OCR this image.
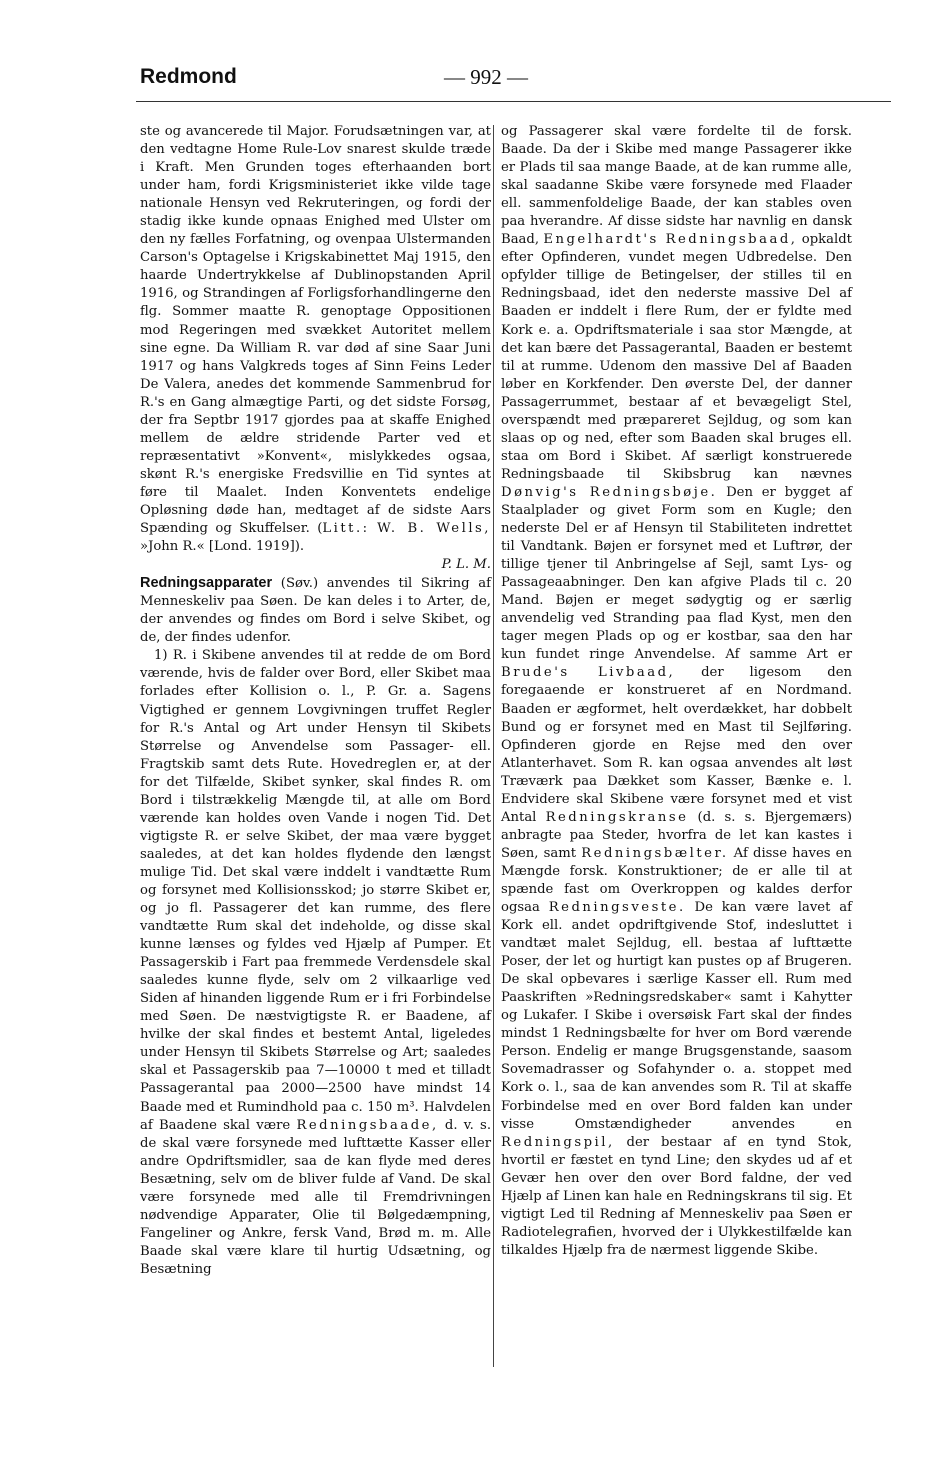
Redmond	— 992 —

ste og avancerede til Major. Forudsætningen var, at den vedtagne Home Rule-Lov snarest skulde træde i Kraft. Men Grunden toges efterhaanden bort under ham, fordi Krigsministeriet ikke vilde tage nationale Hensyn ved Rekruteringen, og fordi der stadig ikke kunde opnaas Enighed med Ulster om den ny fælles Forfatning, og ovenpaa Ulstermanden Carson's Optagelse i Krigskabinettet Maj 1915, den haarde Undertrykkelse af Dublinopstanden April 1916, og Strandingen af Forligsforhandlingerne den flg. Sommer maatte R. genoptage Oppositionen mod Regeringen med svækket Autoritet mellem sine egne. Da William R. var død af sine Saar Juni 1917 og hans Valgkreds toges af Sinn Feins Leder De Valera, anedes det kommende Sammenbrud for R.'s en Gang almægtige Parti, og det sidste Forsøg, der fra Septbr 1917 gjordes paa at skaffe Enighed mellem de ældre stridende Parter ved et repræsentativt »Konvent«, mislykkedes ogsaa, skønt R.'s energiske Fredsvillie en Tid syntes at føre til Maalet. Inden Konventets endelige Opløsning døde han, medtaget af de sidste Aars Spænding og Skuffelser. (Litt.: W. B. Wells, »John R.« [Lond. 1919]).
P. L. M.

Redningsapparater (Søv.) anvendes til Sikring af Menneskeliv paa Søen. De kan deles i to Arter, de, der anvendes og findes om Bord i selve Skibet, og de, der findes udenfor.

1) R. i Skibene anvendes til at redde de om Bord værende, hvis de falder over Bord, eller Skibet maa forlades efter Kollision o. l., P. Gr. a. Sagens Vigtighed er gennem Lovgivningen truffet Regler for R.'s Antal og Art under Hensyn til Skibets Størrelse og Anvendelse som Passager- ell. Fragtskib samt dets Rute. Hovedreglen er, at der for det Tilfælde, Skibet synker, skal findes R. om Bord i tilstrækkelig Mængde til, at alle om Bord værende kan holdes oven Vande i nogen Tid. Det vigtigste R. er selve Skibet, der maa være bygget saaledes, at det kan holdes flydende den længst mulige Tid. Det skal være inddelt i vandtætte Rum og forsynet med Kollisionsskod; jo større Skibet er, og jo fl. Passagerer det kan rumme, des flere vandtætte Rum skal det indeholde, og disse skal kunne lænses og fyldes ved Hjælp af Pumper. Et Passagerskib i Fart paa fremmede Verdensdele skal saaledes kunne flyde, selv om 2 vilkaarlige ved Siden af hinanden liggende Rum er i fri Forbindelse med Søen. De næstvigtigste R. er Baadene, af hvilke der skal findes et bestemt Antal, ligeledes under Hensyn til Skibets Størrelse og Art; saaledes skal et Passagerskib paa 7—10000 t med et tilladt Passagerantal paa 2000—2500 have mindst 14 Baade med et Rumindhold paa c. 150 m³. Halvdelen af Baadene skal være Redningsbaade, d. v. s. de skal være forsynede med lufttætte Kasser eller andre Opdriftsmidler, saa de kan flyde med deres Besætning, selv om de bliver fulde af Vand. De skal være forsynede med alle til Fremdrivningen nødvendige Apparater, Olie til Bølgedæmpning, Fangeliner og Ankre, fersk Vand, Brød m. m. Alle Baade skal være klare til hurtig Udsætning, og Besætning

og Passagerer skal være fordelte til de forsk. Baade. Da der i Skibe med mange Passagerer ikke er Plads til saa mange Baade, at de kan rumme alle, skal saadanne Skibe være forsynede med Flaader ell. sammenfoldelige Baade, der kan stables oven paa hverandre. Af disse sidste har navnlig en dansk Baad, Engelhardt's Redningsbaad, opkaldt efter Opfinderen, vundet megen Udbredelse. Den opfylder tillige de Betingelser, der stilles til en Redningsbaad, idet den nederste massive Del af Baaden er inddelt i flere Rum, der er fyldte med Kork e. a. Opdriftsmateriale i saa stor Mængde, at det kan bære det Passagerantal, Baaden er bestemt til at rumme. Udenom den massive Del af Baaden løber en Korkfender. Den øverste Del, der danner Passagerrummet, bestaar af et bevægeligt Stel, overspændt med præpareret Sejldug, og som kan slaas op og ned, efter som Baaden skal bruges ell. staa om Bord i Skibet. Af særligt konstruerede Redningsbaade til Skibsbrug kan nævnes Dønvig's Redningsbøje. Den er bygget af Staalplader og givet Form som en Kugle; den nederste Del er af Hensyn til Stabiliteten indrettet til Vandtank. Bøjen er forsynet med et Luftrør, der tillige tjener til Anbringelse af Sejl, samt Lys- og Passageaabninger. Den kan afgive Plads til c. 20 Mand. Bøjen er meget sødygtig og er særlig anvendelig ved Stranding paa flad Kyst, men den tager megen Plads op og er kostbar, saa den har kun fundet ringe Anvendelse. Af samme Art er Brude's Livbaad, der ligesom den foregaaende er konstrueret af en Nordmand. Baaden er ægformet, helt overdækket, har dobbelt Bund og er forsynet med en Mast til Sejlføring. Opfinderen gjorde en Rejse med den over Atlanterhavet. Som R. kan ogsaa anvendes alt løst Træværk paa Dækket som Kasser, Bænke e. l. Endvidere skal Skibene være forsynet med et vist Antal Redningskranse (d. s. s. Bjergemærs) anbragte paa Steder, hvorfra de let kan kastes i Søen, samt Redningsbælter. Af disse haves en Mængde forsk. Konstruktioner; de er alle til at spænde fast om Overkroppen og kaldes derfor ogsaa Redningsveste. De kan være lavet af Kork ell. andet opdriftgivende Stof, indesluttet i vandtæt malet Sejldug, ell. bestaa af lufttætte Poser, der let og hurtigt kan pustes op af Brugeren. De skal opbevares i særlige Kasser ell. Rum med Paaskriften »Redningsredskaber« samt i Kahytter og Lukafer. I Skibe i oversøisk Fart skal der findes mindst 1 Redningsbælte for hver om Bord værende Person. Endelig er mange Brugsgenstande, saasom Sovemadrasser og Sofahynder o. a. stoppet med Kork o. l., saa de kan anvendes som R. Til at skaffe Forbindelse med en over Bord falden kan under visse Omstændigheder anvendes en Redningspil, der bestaar af en tynd Stok, hvortil er fæstet en tynd Line; den skydes ud af et Gevær hen over den over Bord faldne, der ved Hjælp af Linen kan hale en Redningskrans til sig. Et vigtigt Led til Redning af Menneskeliv paa Søen er Radiotelegrafien, hvorved der i Ulykkestilfælde kan tilkaldes Hjælp fra de nærmest liggende Skibe.
